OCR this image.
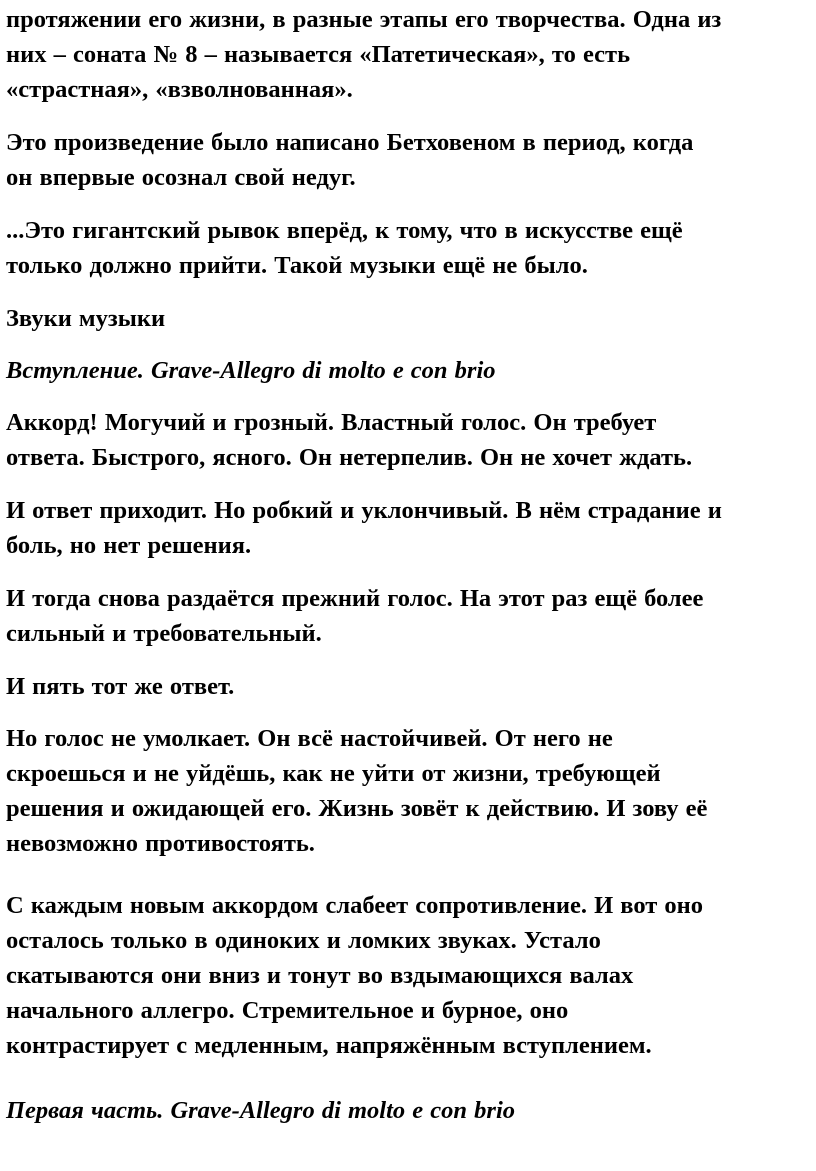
протяжении его жизни, в разные этапы его творчества. Одна из
них – соната № 8 – называется «Патетическая», то есть
«страстная», «взволнованная».
Это произведение было написано Бетховеном в период, когда
он впервые осознал свой недуг.
...Это гигантский рывок вперёд, к тому, что в искусстве ещё
только должно прийти. Такой музыки ещё не было.
Звуки музыки
Вступление. Grave-Allegro di molto e con brio
Аккорд! Могучий и грозный. Властный голос. Он требует
ответа. Быстрого, ясного. Он нетерпелив. Он не хочет ждать.
И ответ приходит. Но робкий и уклончивый. В нём страдание и
боль, но нет решения.
И тогда снова раздаётся прежний голос. На этот раз ещё более
сильный и требовательный.
И пять тот же ответ.
Но голос не умолкает. Он всё настойчивей. От него не
скроешься и не уйдёшь, как не уйти от жизни, требующей
решения и ожидающей его. Жизнь зовёт к действию. И зову её
невозможно противостоять.
С каждым новым аккордом слабеет сопротивление. И вот оно
осталось только в одиноких и ломких звуках. Устало
скатываются они вниз и тонут во вздымающихся валах
начального аллегро. Стремительное и бурное, оно
контрастирует с медленным, напряжённым вступлением.
Первая часть. Grave-Allegro di molto e con brio
